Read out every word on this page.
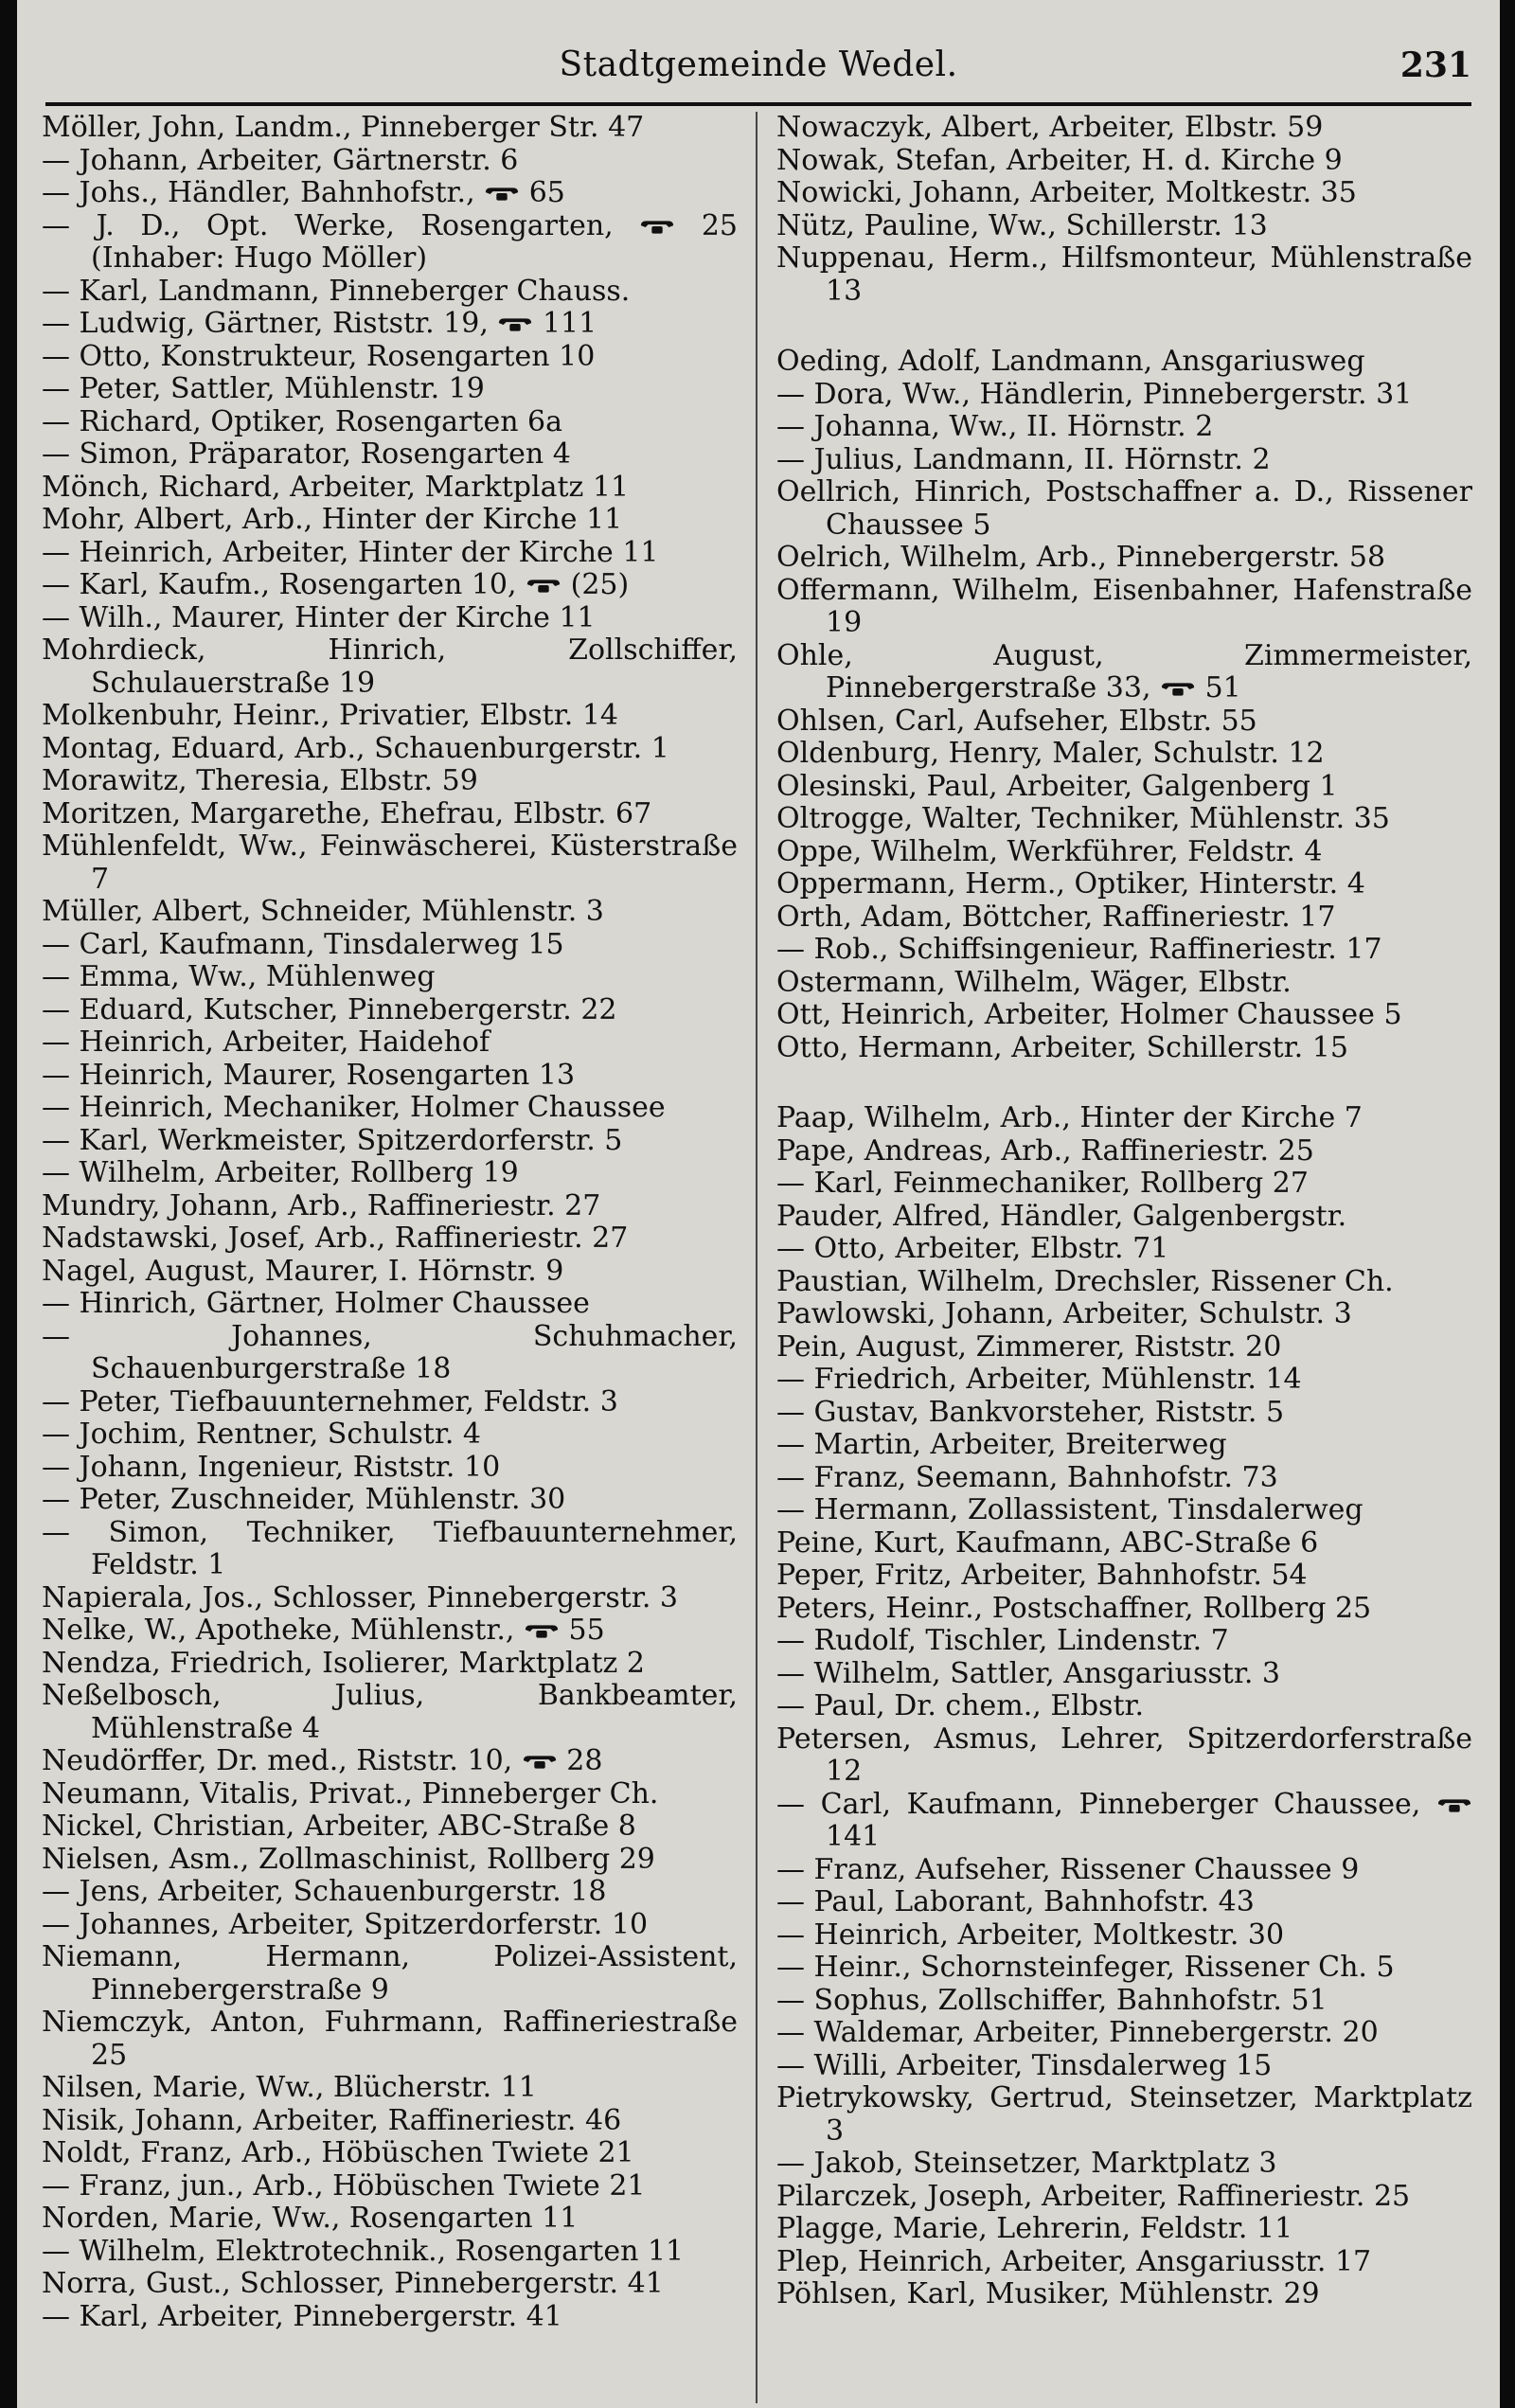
Stadtgemeinde Wedel.	231

Möller, John, Landm., Pinneberger Str. 47

— Johann, Arbeiter, Gärtnerstr. 6

— Johs., Händler, Bahnhofstr.,  65

— J. D., Opt. Werke, Rosengarten,  25 (Inhaber: Hugo Möller)

— Karl, Landmann, Pinneberger Chauss.

— Ludwig, Gärtner, Riststr. 19,  111

— Otto, Konstrukteur, Rosengarten 10

— Peter, Sattler, Mühlenstr. 19

— Richard, Optiker, Rosengarten 6a

— Simon, Präparator, Rosengarten 4

Mönch, Richard, Arbeiter, Marktplatz 11

Mohr, Albert, Arb., Hinter der Kirche 11

— Heinrich, Arbeiter, Hinter der Kirche 11

— Karl, Kaufm., Rosengarten 10,  (25)

— Wilh., Maurer, Hinter der Kirche 11

Mohrdieck, Hinrich, Zollschiffer, Schulauerstraße 19

Molkenbuhr, Heinr., Privatier, Elbstr. 14

Montag, Eduard, Arb., Schauenburgerstr. 1

Morawitz, Theresia, Elbstr. 59

Moritzen, Margarethe, Ehefrau, Elbstr. 67

Mühlenfeldt, Ww., Feinwäscherei, Küsterstraße 7

Müller, Albert, Schneider, Mühlenstr. 3

— Carl, Kaufmann, Tinsdalerweg 15

— Emma, Ww., Mühlenweg

— Eduard, Kutscher, Pinnebergerstr. 22

— Heinrich, Arbeiter, Haidehof

— Heinrich, Maurer, Rosengarten 13

— Heinrich, Mechaniker, Holmer Chaussee

— Karl, Werkmeister, Spitzerdorferstr. 5

— Wilhelm, Arbeiter, Rollberg 19

Mundry, Johann, Arb., Raffineriestr. 27

Nadstawski, Josef, Arb., Raffineriestr. 27

Nagel, August, Maurer, I. Hörnstr. 9

— Hinrich, Gärtner, Holmer Chaussee

— Johannes, Schuhmacher, Schauenburgerstraße 18

— Peter, Tiefbauunternehmer, Feldstr. 3

— Jochim, Rentner, Schulstr. 4

— Johann, Ingenieur, Riststr. 10

— Peter, Zuschneider, Mühlenstr. 30

— Simon, Techniker, Tiefbauunternehmer, Feldstr. 1

Napierala, Jos., Schlosser, Pinnebergerstr. 3

Nelke, W., Apotheke, Mühlenstr.,  55

Nendza, Friedrich, Isolierer, Marktplatz 2

Neßelbosch, Julius, Bankbeamter, Mühlenstraße 4

Neudörffer, Dr. med., Riststr. 10,  28

Neumann, Vitalis, Privat., Pinneberger Ch.

Nickel, Christian, Arbeiter, ABC-Straße 8

Nielsen, Asm., Zollmaschinist, Rollberg 29

— Jens, Arbeiter, Schauenburgerstr. 18

— Johannes, Arbeiter, Spitzerdorferstr. 10

Niemann, Hermann, Polizei-Assistent, Pinnebergerstraße 9

Niemczyk, Anton, Fuhrmann, Raffineriestraße 25

Nilsen, Marie, Ww., Blücherstr. 11

Nisik, Johann, Arbeiter, Raffineriestr. 46

Noldt, Franz, Arb., Höbüschen Twiete 21

— Franz, jun., Arb., Höbüschen Twiete 21

Norden, Marie, Ww., Rosengarten 11

— Wilhelm, Elektrotechnik., Rosengarten 11

Norra, Gust., Schlosser, Pinnebergerstr. 41

— Karl, Arbeiter, Pinnebergerstr. 41

Nowaczyk, Albert, Arbeiter, Elbstr. 59

Nowak, Stefan, Arbeiter, H. d. Kirche 9

Nowicki, Johann, Arbeiter, Moltkestr. 35

Nütz, Pauline, Ww., Schillerstr. 13

Nuppenau, Herm., Hilfsmonteur, Mühlenstraße 13

Oeding, Adolf, Landmann, Ansgariusweg

— Dora, Ww., Händlerin, Pinnebergerstr. 31

— Johanna, Ww., II. Hörnstr. 2

— Julius, Landmann, II. Hörnstr. 2

Oellrich, Hinrich, Postschaffner a. D., Rissener Chaussee 5

Oelrich, Wilhelm, Arb., Pinnebergerstr. 58

Offermann, Wilhelm, Eisenbahner, Hafenstraße 19

Ohle, August, Zimmermeister, Pinnebergerstraße 33,  51

Ohlsen, Carl, Aufseher, Elbstr. 55

Oldenburg, Henry, Maler, Schulstr. 12

Olesinski, Paul, Arbeiter, Galgenberg 1

Oltrogge, Walter, Techniker, Mühlenstr. 35

Oppe, Wilhelm, Werkführer, Feldstr. 4

Oppermann, Herm., Optiker, Hinterstr. 4

Orth, Adam, Böttcher, Raffineriestr. 17

— Rob., Schiffsingenieur, Raffineriestr. 17

Ostermann, Wilhelm, Wäger, Elbstr.

Ott, Heinrich, Arbeiter, Holmer Chaussee 5

Otto, Hermann, Arbeiter, Schillerstr. 15

Paap, Wilhelm, Arb., Hinter der Kirche 7

Pape, Andreas, Arb., Raffineriestr. 25

— Karl, Feinmechaniker, Rollberg 27

Pauder, Alfred, Händler, Galgenbergstr.

— Otto, Arbeiter, Elbstr. 71

Paustian, Wilhelm, Drechsler, Rissener Ch.

Pawlowski, Johann, Arbeiter, Schulstr. 3

Pein, August, Zimmerer, Riststr. 20

— Friedrich, Arbeiter, Mühlenstr. 14

— Gustav, Bankvorsteher, Riststr. 5

— Martin, Arbeiter, Breiterweg

— Franz, Seemann, Bahnhofstr. 73

— Hermann, Zollassistent, Tinsdalerweg

Peine, Kurt, Kaufmann, ABC-Straße 6

Peper, Fritz, Arbeiter, Bahnhofstr. 54

Peters, Heinr., Postschaffner, Rollberg 25

— Rudolf, Tischler, Lindenstr. 7

— Wilhelm, Sattler, Ansgariusstr. 3

— Paul, Dr. chem., Elbstr.

Petersen, Asmus, Lehrer, Spitzerdorferstraße 12

— Carl, Kaufmann, Pinneberger Chaussee,  141

— Franz, Aufseher, Rissener Chaussee 9

— Paul, Laborant, Bahnhofstr. 43

— Heinrich, Arbeiter, Moltkestr. 30

— Heinr., Schornsteinfeger, Rissener Ch. 5

— Sophus, Zollschiffer, Bahnhofstr. 51

— Waldemar, Arbeiter, Pinnebergerstr. 20

— Willi, Arbeiter, Tinsdalerweg 15

Pietrykowsky, Gertrud, Steinsetzer, Marktplatz 3

— Jakob, Steinsetzer, Marktplatz 3

Pilarczek, Joseph, Arbeiter, Raffineriestr. 25

Plagge, Marie, Lehrerin, Feldstr. 11

Plep, Heinrich, Arbeiter, Ansgariusstr. 17

Pöhlsen, Karl, Musiker, Mühlenstr. 29
